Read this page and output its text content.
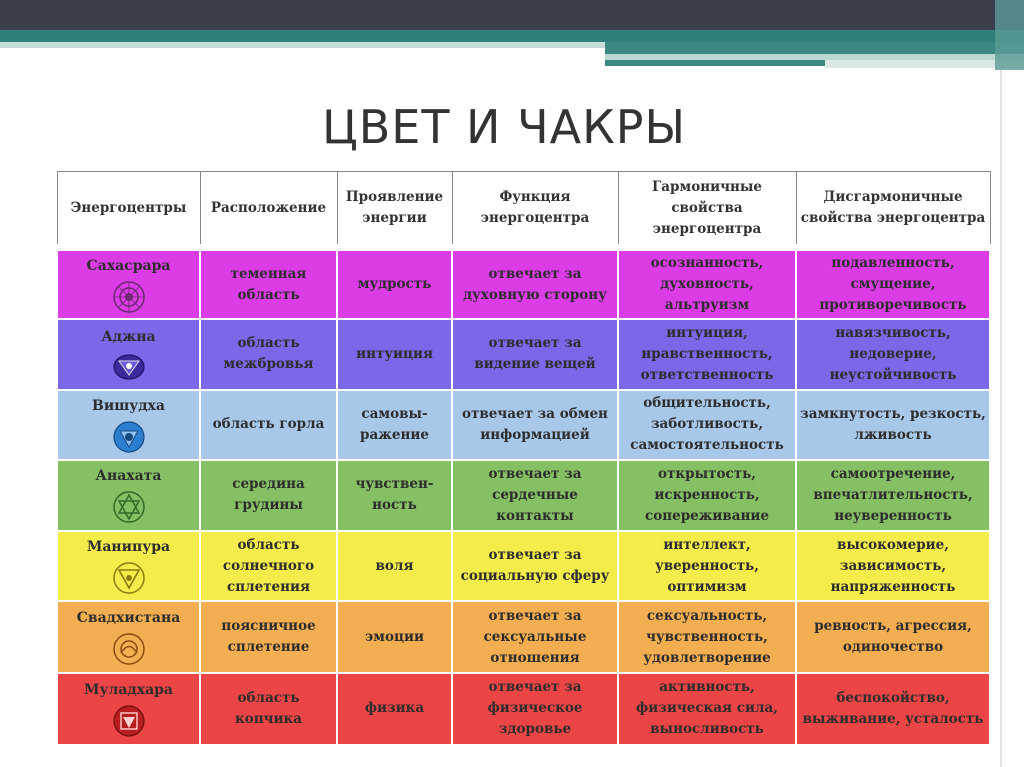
ЦВЕТ И ЧАКРЫ
Энергоцентры	Расположение	Проявление энергии	Функция энергоцентра	Гармоничные свойства энергоцентра	Дисгармоничные свойства энергоцентра

Сахасрара	теменная область	мудрость	отвечает за духовную сторону	осознанность, духовность, альтруизм	подавленность, смущение, противоречивость

Аджна	область межбровья	интуиция	отвечает за видение вещей	интуиция, нравственность, ответственность	навязчивость, недоверие, неустойчивость

Вишудха	область горла	самовы-ражение	отвечает за обмен информацией	общительность, заботливость, самостоятельность	замкнутость, резкость, лживость

Анахата	середина грудины	чувствен-ность	отвечает за сердечные контакты	открытость, искренность, сопереживание	самоотречение, впечатлительность, неуверенность

Манипура	область солнечного сплетения	воля	отвечает за социальную сферу	интеллект, уверенность, оптимизм	высокомерие, зависимость, напряженность

Свадхистана	поясничное сплетение	эмоции	отвечает за сексуальные отношения	сексуальность, чувственность, удовлетворение	ревность, агрессия, одиночество

Муладхара	область копчика	физика	отвечает за физическое здоровье	активность, физическая сила, выносливость	беспокойство, выживание, усталость
